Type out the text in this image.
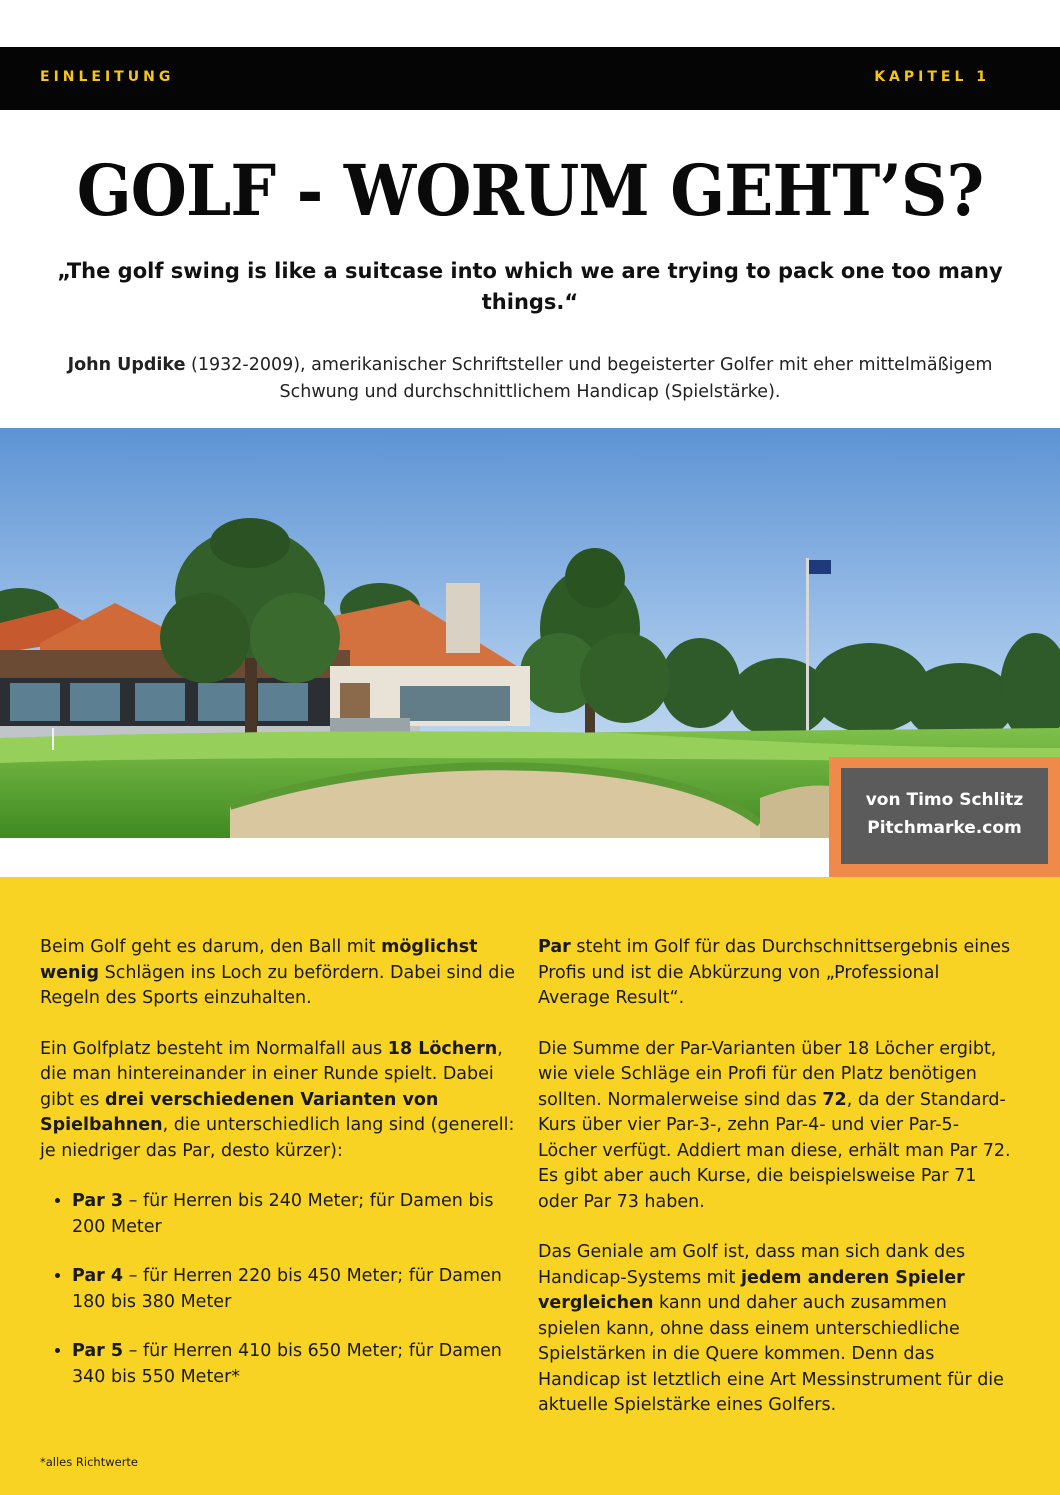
EINLEITUNG	KAPITEL 1
GOLF - WORUM GEHT’S?
„The golf swing is like a suitcase into which we are trying to pack one too many things.“
John Updike (1932-2009), amerikanischer Schriftsteller und begeisterter Golfer mit eher mittelmäßigem Schwung und durchschnittlichem Handicap (Spielstärke).
von Timo Schlitz
Pitchmarke.com

Beim Golf geht es darum, den Ball mit möglichst wenig Schlägen ins Loch zu befördern. Dabei sind die Regeln des Sports einzuhalten.

Ein Golfplatz besteht im Normalfall aus 18 Löchern, die man hintereinander in einer Runde spielt. Dabei gibt es drei verschiedenen Varianten von Spielbahnen, die unterschiedlich lang sind (generell: je niedriger das Par, desto kürzer):

• Par 3 – für Herren bis 240 Meter; für Damen bis 200 Meter
• Par 4 – für Herren 220 bis 450 Meter; für Damen 180 bis 380 Meter
• Par 5 – für Herren 410 bis 650 Meter; für Damen 340 bis 550 Meter*
*alles Richtwerte

Par steht im Golf für das Durchschnittsergebnis eines Profis und ist die Abkürzung von „Professional Average Result“.

Die Summe der Par-Varianten über 18 Löcher ergibt, wie viele Schläge ein Profi für den Platz benötigen sollten. Normalerweise sind das 72, da der Standard-Kurs über vier Par-3-, zehn Par-4- und vier Par-5-Löcher verfügt. Addiert man diese, erhält man Par 72. Es gibt aber auch Kurse, die beispielsweise Par 71 oder Par 73 haben.

Das Geniale am Golf ist, dass man sich dank des Handicap-Systems mit jedem anderen Spieler vergleichen kann und daher auch zusammen spielen kann, ohne dass einem unterschiedliche Spielstärken in die Quere kommen. Denn das Handicap ist letztlich eine Art Messinstrument für die aktuelle Spielstärke eines Golfers.
